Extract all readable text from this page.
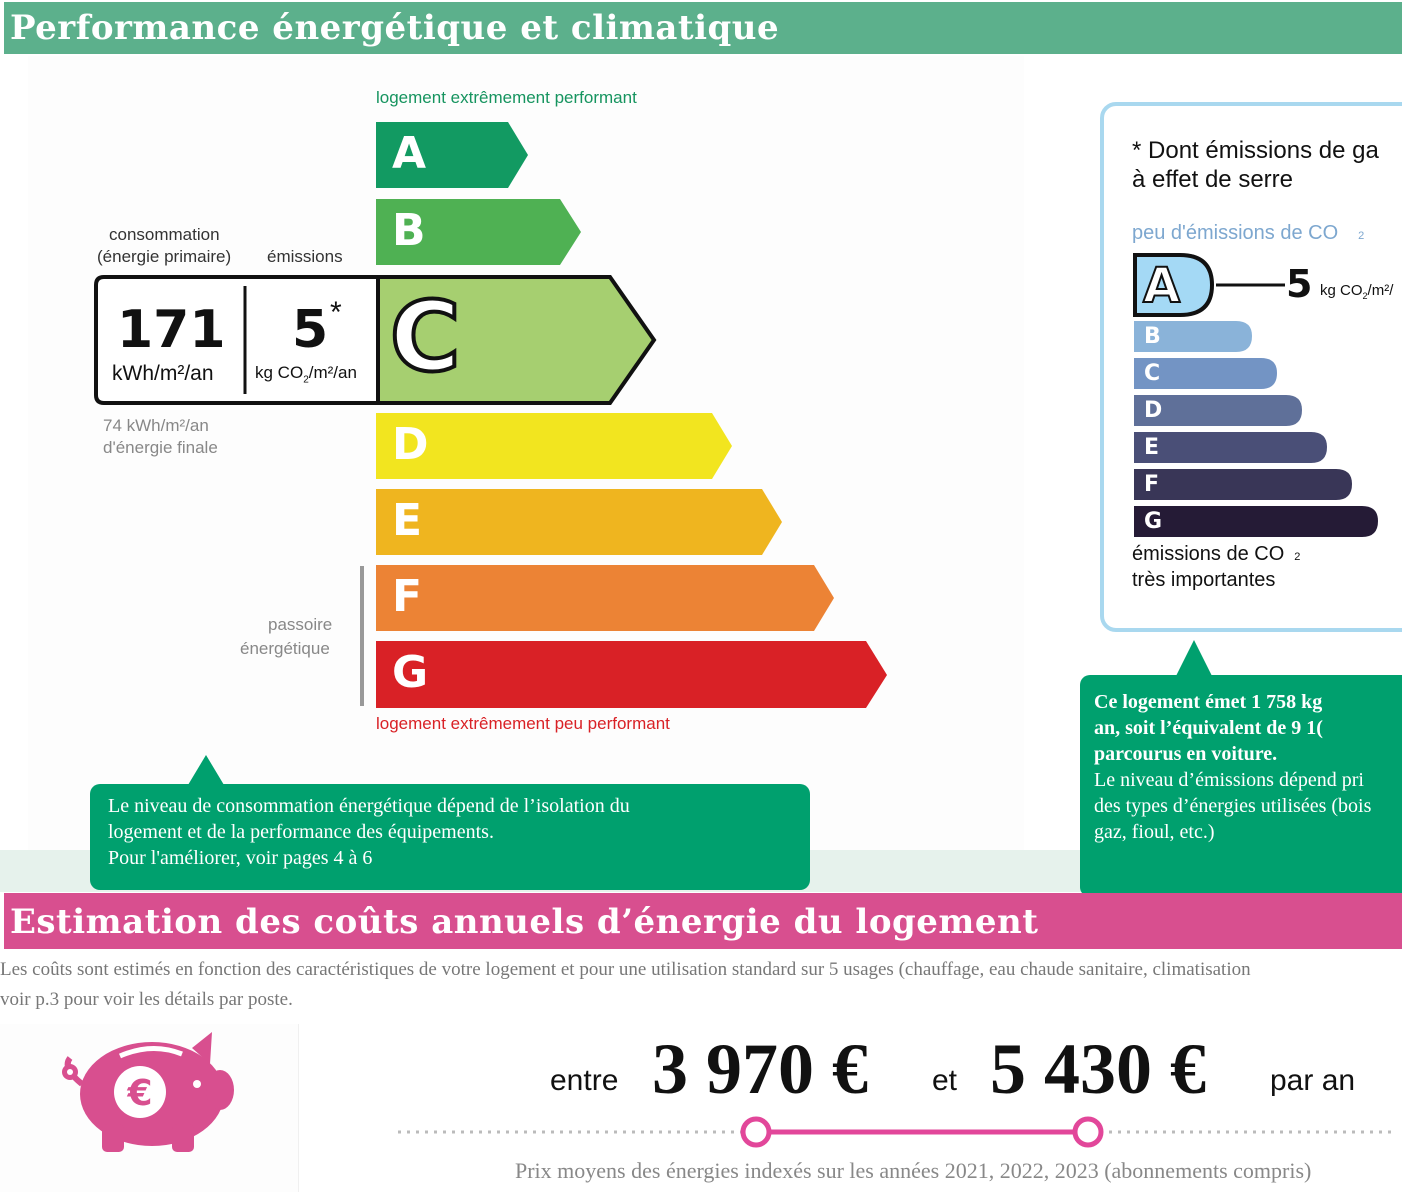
Performance énergétique et climatique
logement extrêmement performant
A
B
C
D
E
F
G
consommation
(énergie primaire) émissions
171
kWh/m²/an
5 *
kg $CO_2/m^2/an$
74 kWh/m²/an
d'énergie finale
passoire
énergétique
logement extrêmement peu performant
Le niveau de consommation énergétique dépend de l’isolation du
logement et de la performance des équipements.
Pour l'améliorer, voir pages 4 à 6
* Dont émissions de ga
à effet de serre
peu d'émissions de CO 2
A	5 kg $CO_2/m^2/$
B
C
D
E
F
G
émissions de CO 2
très importantes
Ce logement émet 1 758 kg
an, soit l’équivalent de 9 1(
parcourus en voiture.
Le niveau d’émissions dépend pri
des types d’énergies utilisées (bois
gaz, fioul, etc.)
Estimation des coûts annuels d’énergie du logement
Les coûts sont estimés en fonction des caractéristiques de votre logement et pour une utilisation standard sur 5 usages (chauffage, eau chaude sanitaire, climatisation
voir p.3 pour voir les détails par poste.
€	entre 3 970 € et 5 430 € par an
Prix moyens des énergies indexés sur les années 2021, 2022, 2023 (abonnements compris)
